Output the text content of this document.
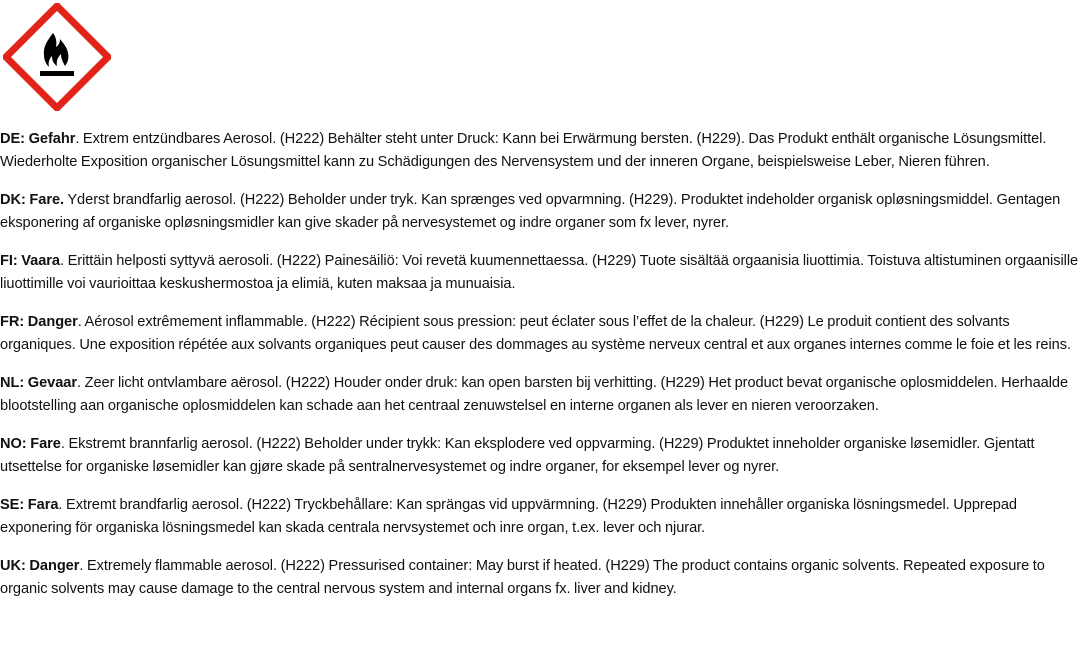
DE: Gefahr. Extrem entzündbares Aerosol. (H222) Behälter steht unter Druck: Kann bei Erwärmung bersten. (H229). Das Produkt enthält organische Lösungsmittel. Wiederholte Exposition organischer Lösungsmittel kann zu Schädigungen des Nervensystem und der inneren Organe, beispielsweise Leber, Nieren führen.

DK: Fare. Yderst brandfarlig aerosol. (H222) Beholder under tryk. Kan sprænges ved opvarmning. (H229). Produktet indeholder organisk opløsningsmiddel. Gentagen eksponering af organiske opløsningsmidler kan give skader på nervesystemet og indre organer som fx lever, nyrer.

FI: Vaara. Erittäin helposti syttyvä aerosoli. (H222) Painesäiliö: Voi revetä kuumennettaessa. (H229) Tuote sisältää orgaanisia liuottimia. Toistuva altistuminen orgaanisille liuottimille voi vaurioittaa keskushermostoa ja elimiä, kuten maksaa ja munuaisia.

FR: Danger. Aérosol extrêmement inflammable. (H222) Récipient sous pression: peut éclater sous l’effet de la chaleur. (H229) Le produit contient des solvants organiques. Une exposition répétée aux solvants organiques peut causer des dommages au système nerveux central et aux organes internes comme le foie et les reins.

NL: Gevaar. Zeer licht ontvlambare aërosol. (H222) Houder onder druk: kan open barsten bij verhitting. (H229) Het product bevat organische oplosmiddelen. Herhaalde blootstelling aan organische oplosmiddelen kan schade aan het centraal zenuwstelsel en interne organen als lever en nieren veroorzaken.

NO: Fare. Ekstremt brannfarlig aerosol. (H222) Beholder under trykk: Kan eksplodere ved oppvarming. (H229) Produktet inneholder organiske løsemidler. Gjentatt utsettelse for organiske løsemidler kan gjøre skade på sentralnervesystemet og indre organer, for eksempel lever og nyrer.

SE: Fara. Extremt brandfarlig aerosol. (H222) Tryckbehållare: Kan sprängas vid uppvärmning. (H229) Produkten innehåller organiska lösningsmedel. Upprepad exponering för organiska lösningsmedel kan skada centrala nervsystemet och inre organ, t.ex. lever och njurar.

UK: Danger. Extremely flammable aerosol. (H222) Pressurised container: May burst if heated. (H229) The product contains organic solvents. Repeated exposure to organic solvents may cause damage to the central nervous system and internal organs fx. liver and kidney.
